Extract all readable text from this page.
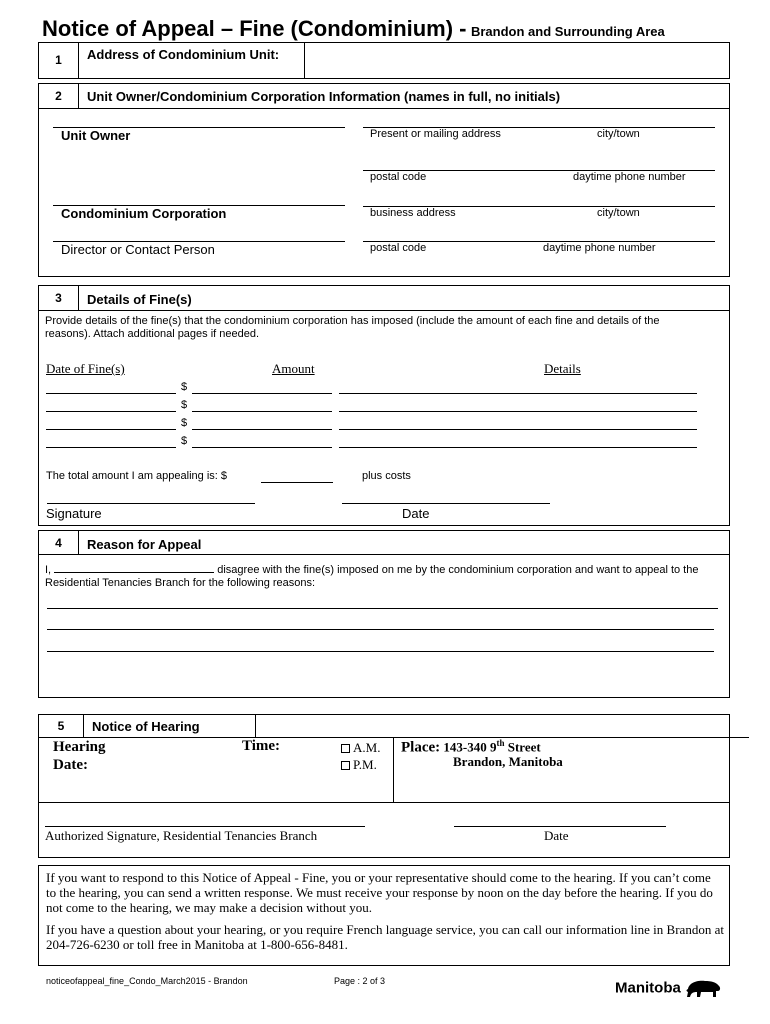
Notice of Appeal – Fine (Condominium) - Brandon and Surrounding Area
1	Address of Condominium Unit:
2	Unit Owner/Condominium Corporation Information (names in full, no initials)
Unit Owner	Present or mailing address	city/town
postal code	daytime phone number
Condominium Corporation	business address	city/town
Director or Contact Person	postal code	daytime phone number
3	Details of Fine(s)
Provide details of the fine(s) that the condominium corporation has imposed (include the amount of each fine and details of the reasons). Attach additional pages if needed.
Date of Fine(s)	Amount	Details
$
$
$
$
The total amount I am appealing is: $	plus costs
Signature	Date
4	Reason for Appeal
I,	disagree with the fine(s) imposed on me by the condominium corporation and want to appeal to the Residential Tenancies Branch for the following reasons:
5	Notice of Hearing
Hearing
Date:
Time:	A.M.
P.M.
Place: 143-340 9th Street
Brandon, Manitoba
Authorized Signature, Residential Tenancies Branch	Date
If you want to respond to this Notice of Appeal - Fine, you or your representative should come to the hearing. If you can’t come to the hearing, you can send a written response. We must receive your response by noon on the day before the hearing. If you do not come to the hearing, we may make a decision without you.
If you have a question about your hearing, or you require French language service, you can call our information line in Brandon at 204-726-6230 or toll free in Manitoba at 1-800-656-8481.
noticeofappeal_fine_Condo_March2015 - Brandon	Page : 2 of 3	Manitoba
